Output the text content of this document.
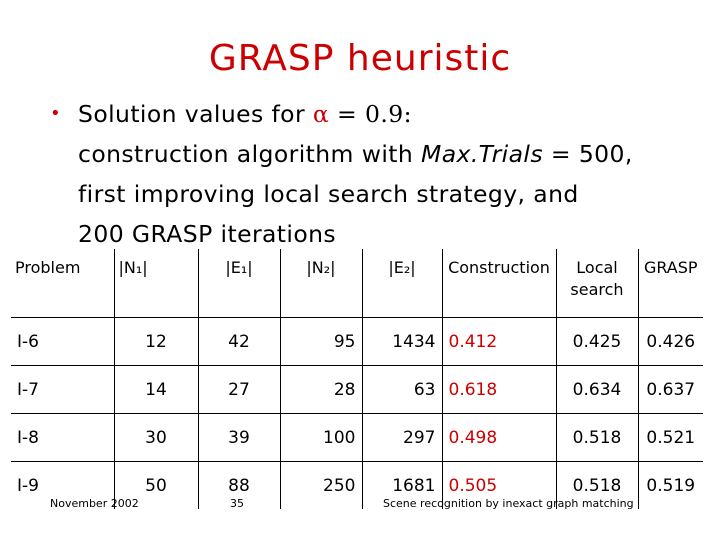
GRASP heuristic
• Solution values for α = 0.9:
construction algorithm with Max.Trials = 500,
first improving local search strategy, and
200 GRASP iterations
Problem	|N₁|	|E₁|	|N₂|	|E₂|	Construction	Local search	GRASP
I-6	12	42	95	1434	0.412	0.425	0.426
I-7	14	27	28	63	0.618	0.634	0.637
I-8	30	39	100	297	0.498	0.518	0.521
I-9	50	88	250	1681	0.505	0.518	0.519
November 2002	35	Scene recognition by inexact graph matching
